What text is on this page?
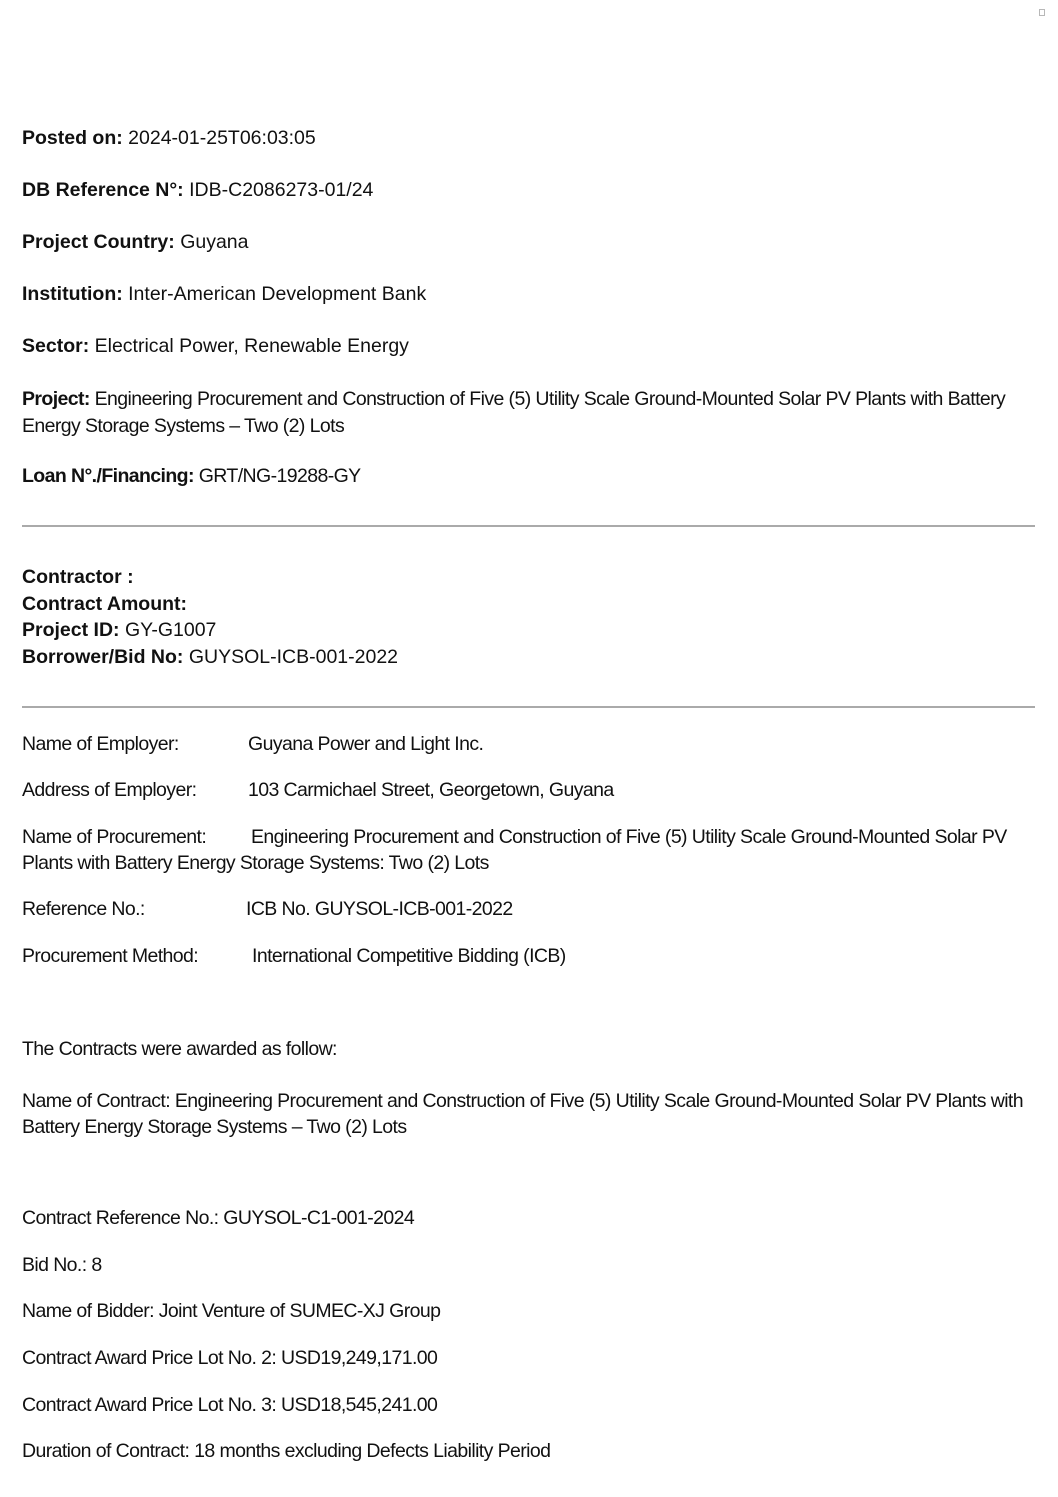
Posted on: 2024-01-25T06:03:05
DB Reference N°: IDB-C2086273-01/24
Project Country: Guyana
Institution: Inter-American Development Bank
Sector: Electrical Power, Renewable Energy
Project: Engineering Procurement and Construction of Five (5) Utility Scale Ground-Mounted Solar PV Plants with Battery Energy Storage Systems – Two (2) Lots
Loan N°./Financing: GRT/NG-19288-GY
Contractor :
Contract Amount:
Project ID: GY-G1007
Borrower/Bid No: GUYSOL-ICB-001-2022
Name of Employer:	Guyana Power and Light Inc.
Address of Employer:	103 Carmichael Street, Georgetown, Guyana
Name of Procurement: Engineering Procurement and Construction of Five (5) Utility Scale Ground-Mounted Solar PV Plants with Battery Energy Storage Systems: Two (2) Lots
Reference No.:	ICB No. GUYSOL-ICB-001-2022
Procurement Method:	International Competitive Bidding (ICB)
The Contracts were awarded as follow:
Name of Contract: Engineering Procurement and Construction of Five (5) Utility Scale Ground-Mounted Solar PV Plants with Battery Energy Storage Systems – Two (2) Lots
Contract Reference No.: GUYSOL-C1-001-2024
Bid No.: 8
Name of Bidder: Joint Venture of SUMEC-XJ Group
Contract Award Price Lot No. 2: USD19,249,171.00
Contract Award Price Lot No. 3: USD18,545,241.00
Duration of Contract: 18 months excluding Defects Liability Period
